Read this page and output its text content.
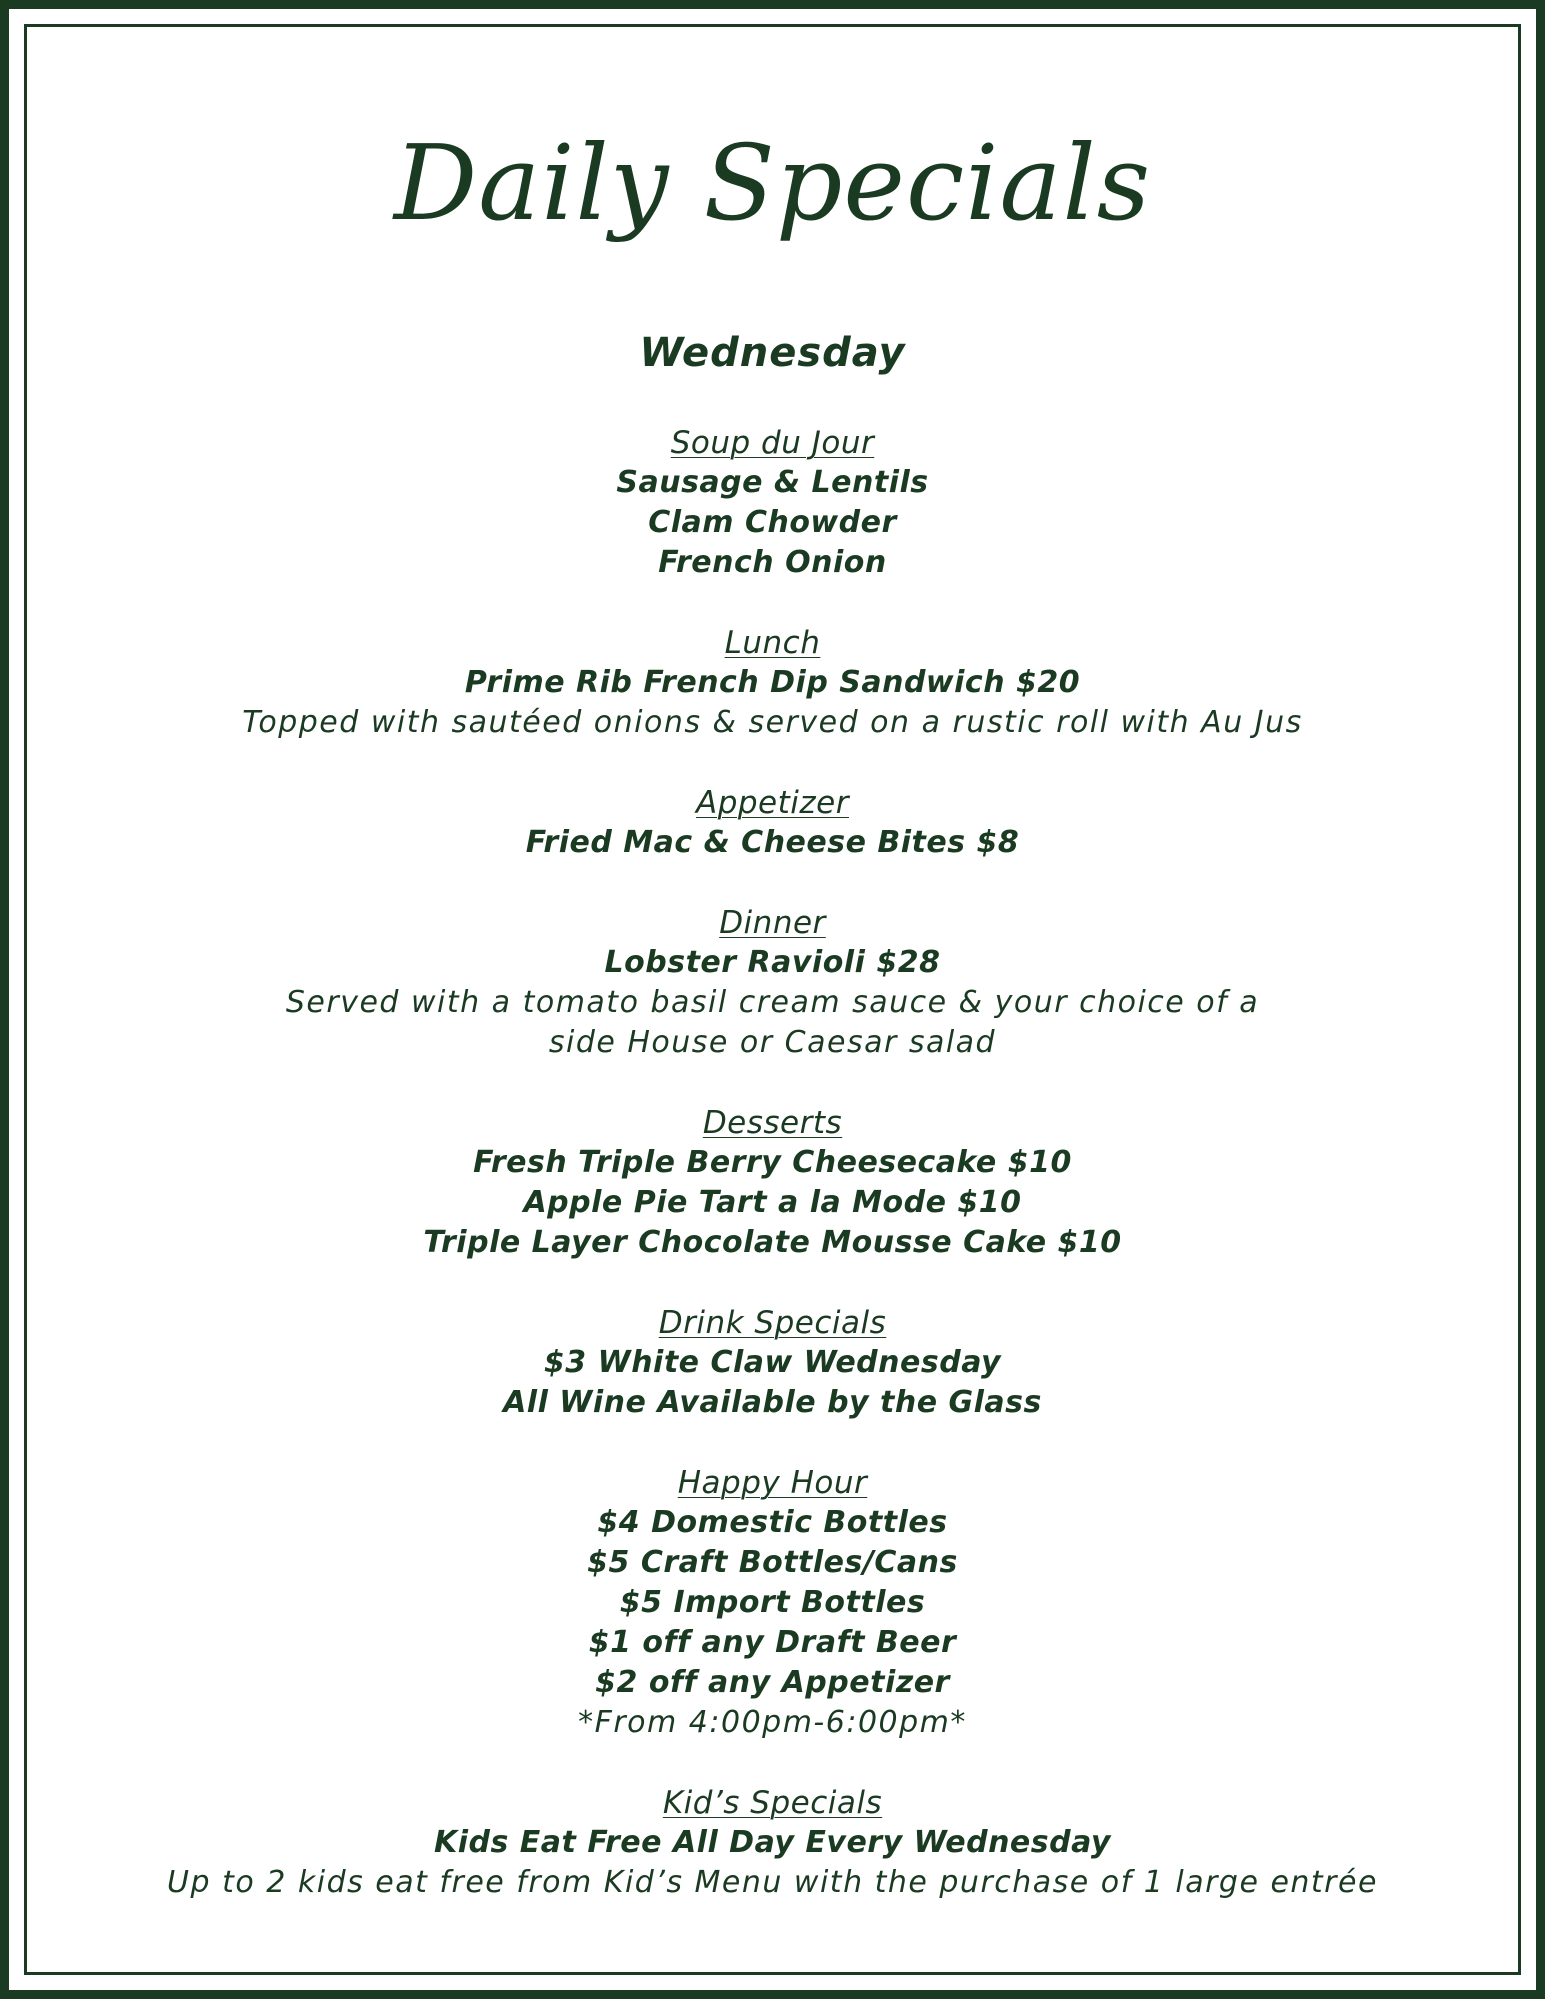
Daily Specials
Wednesday
Soup du Jour
Sausage & Lentils
Clam Chowder
French Onion
Lunch
Prime Rib French Dip Sandwich $20
Topped with sautéed onions & served on a rustic roll with Au Jus
Appetizer
Fried Mac & Cheese Bites $8
Dinner
Lobster Ravioli $28
Served with a tomato basil cream sauce & your choice of a
side House or Caesar salad
Desserts
Fresh Triple Berry Cheesecake $10
Apple Pie Tart a la Mode $10
Triple Layer Chocolate Mousse Cake $10
Drink Specials
$3 White Claw Wednesday
All Wine Available by the Glass
Happy Hour
$4 Domestic Bottles
$5 Craft Bottles/Cans
$5 Import Bottles
$1 off any Draft Beer
$2 off any Appetizer
*From 4:00pm-6:00pm*
Kid’s Specials
Kids Eat Free All Day Every Wednesday
Up to 2 kids eat free from Kid’s Menu with the purchase of 1 large entrée
